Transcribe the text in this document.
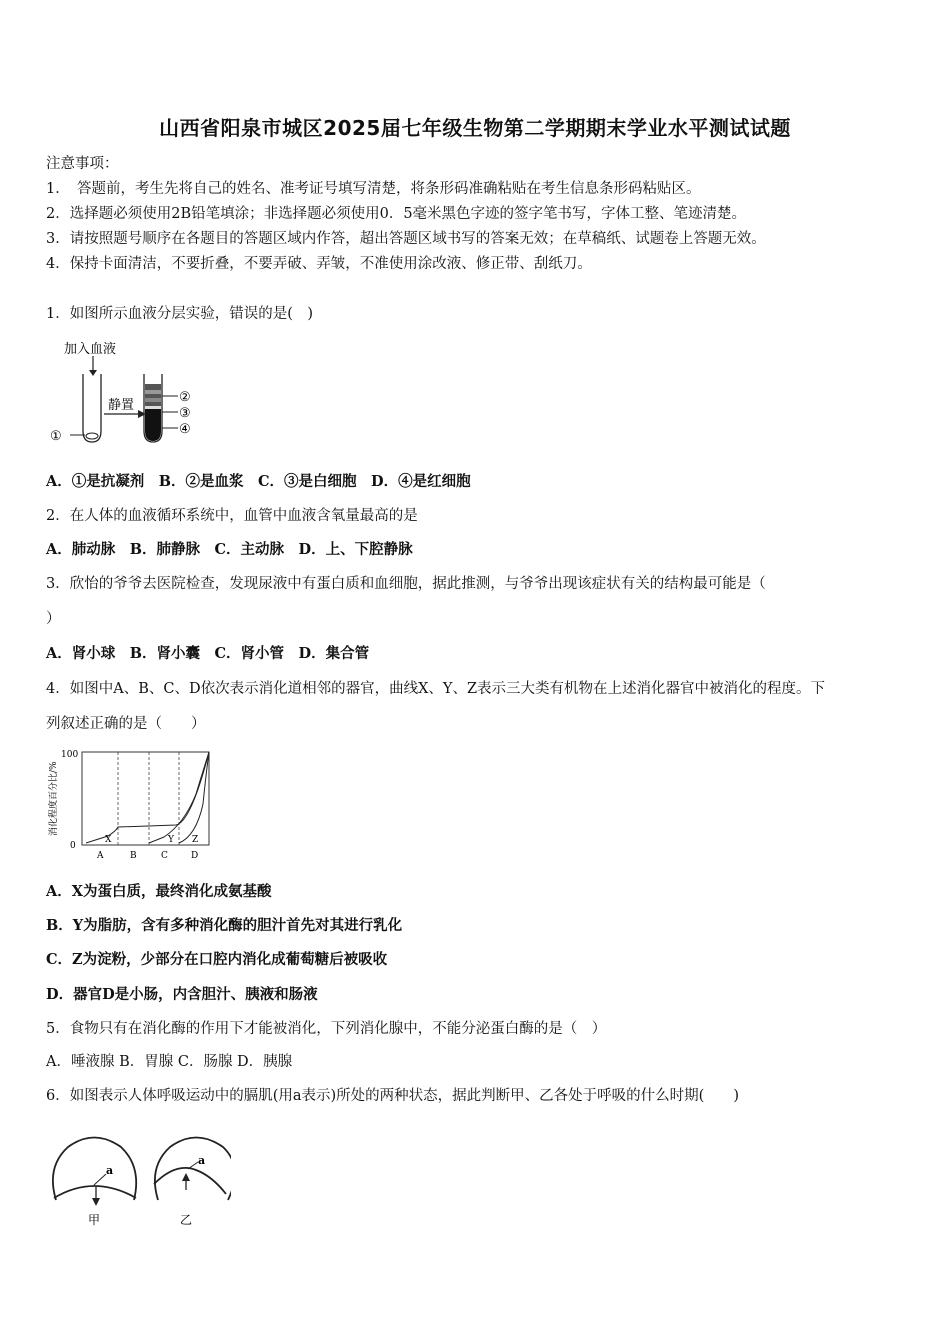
山西省阳泉市城区2025届七年级生物第二学期期末学业水平测试试题
注意事项：
1．　答题前，考生先将自己的姓名、准考证号填写清楚，将条形码准确粘贴在考生信息条形码粘贴区。
2．选择题必须使用2B铅笔填涂；非选择题必须使用0．5毫米黑色字迹的签字笔书写，字体工整、笔迹清楚。
3．请按照题号顺序在各题目的答题区域内作答，超出答题区域书写的答案无效；在草稿纸、试题卷上答题无效。
4．保持卡面清洁，不要折叠，不要弄破、弄皱，不准使用涂改液、修正带、刮纸刀。
1．如图所示血液分层实验，错误的是(　)
加入血液
①
静置
②
③
④
A．①是抗凝剂　B．②是血浆　C．③是白细胞　D．④是红细胞
2．在人体的血液循环系统中，血管中血液含氧量最高的是
A．肺动脉　B．肺静脉　C．主动脉　D．上、下腔静脉
3．欣怡的爷爷去医院检查，发现尿液中有蛋白质和血细胞，据此推测，与爷爷出现该症状有关的结构最可能是（
）
A．肾小球　B．肾小囊　C．肾小管　D．集合管
4．如图中A、B、C、D依次表示消化道相邻的器官，曲线X、Y、Z表示三大类有机物在上述消化器官中被消化的程度。下
列叙述正确的是（　　）
消化程度百分比/%
100
0
X	Y Z
A	B	C	D
A．X为蛋白质，最终消化成氨基酸
B．Y为脂肪，含有多种消化酶的胆汁首先对其进行乳化
C．Z为淀粉，少部分在口腔内消化成葡萄糖后被吸收
D．器官D是小肠，内含胆汁、胰液和肠液
5．食物只有在消化酶的作用下才能被消化，下列消化腺中，不能分泌蛋白酶的是（　）
A．唾液腺 B．胃腺 C．肠腺 D．胰腺
6．如图表示人体呼吸运动中的膈肌(用a表示)所处的两种状态，据此判断甲、乙各处于呼吸的什么时期(　　)
a
甲
a
乙
